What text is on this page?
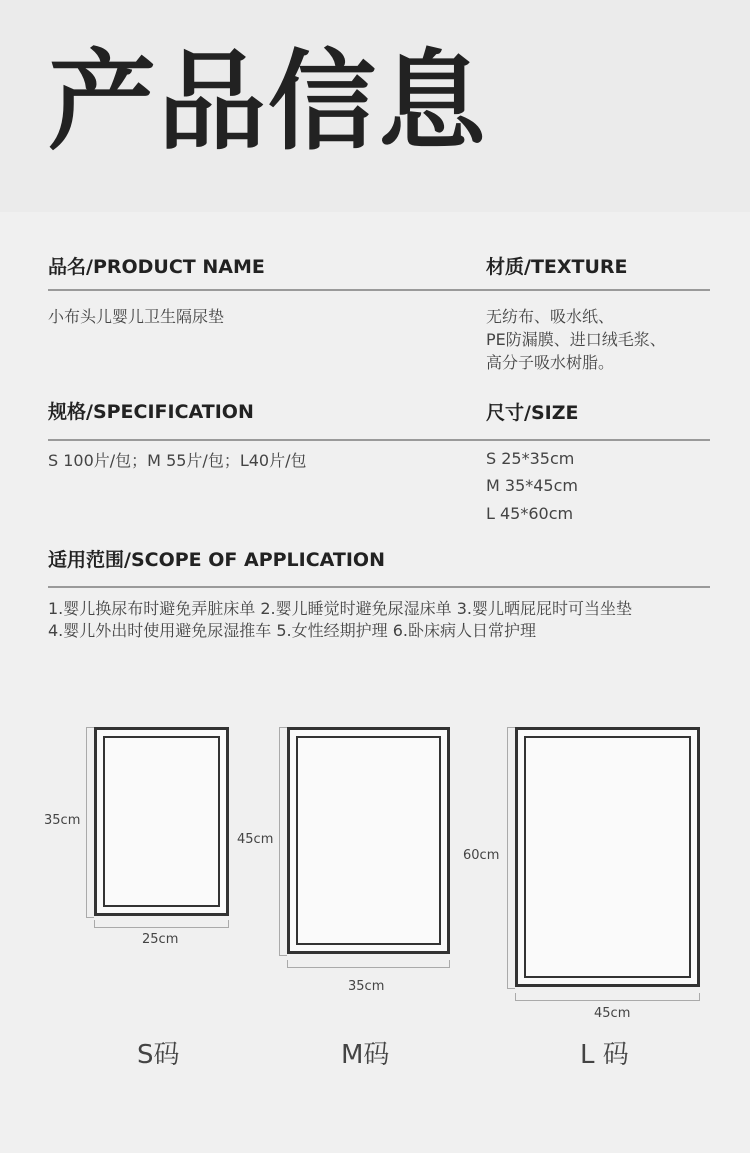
产品信息
品名/PRODUCT NAME
小布头儿婴儿卫生隔尿垫
材质/TEXTURE
无纺布、吸水纸、
PE防漏膜、进口绒毛浆、
高分子吸水树脂。
规格/SPECIFICATION
S 100片/包；M 55片/包；L40片/包
尺寸/SIZE
S 25*35cm
M 35*45cm
L 45*60cm
适用范围/SCOPE OF APPLICATION
1.婴儿换尿布时避免弄脏床单 2.婴儿睡觉时避免尿湿床单 3.婴儿晒屁屁时可当坐垫
4.婴儿外出时使用避免尿湿推车 5.女性经期护理 6.卧床病人日常护理
35cm
25cm
S码
45cm
35cm
M码
60cm
45cm
L 码
